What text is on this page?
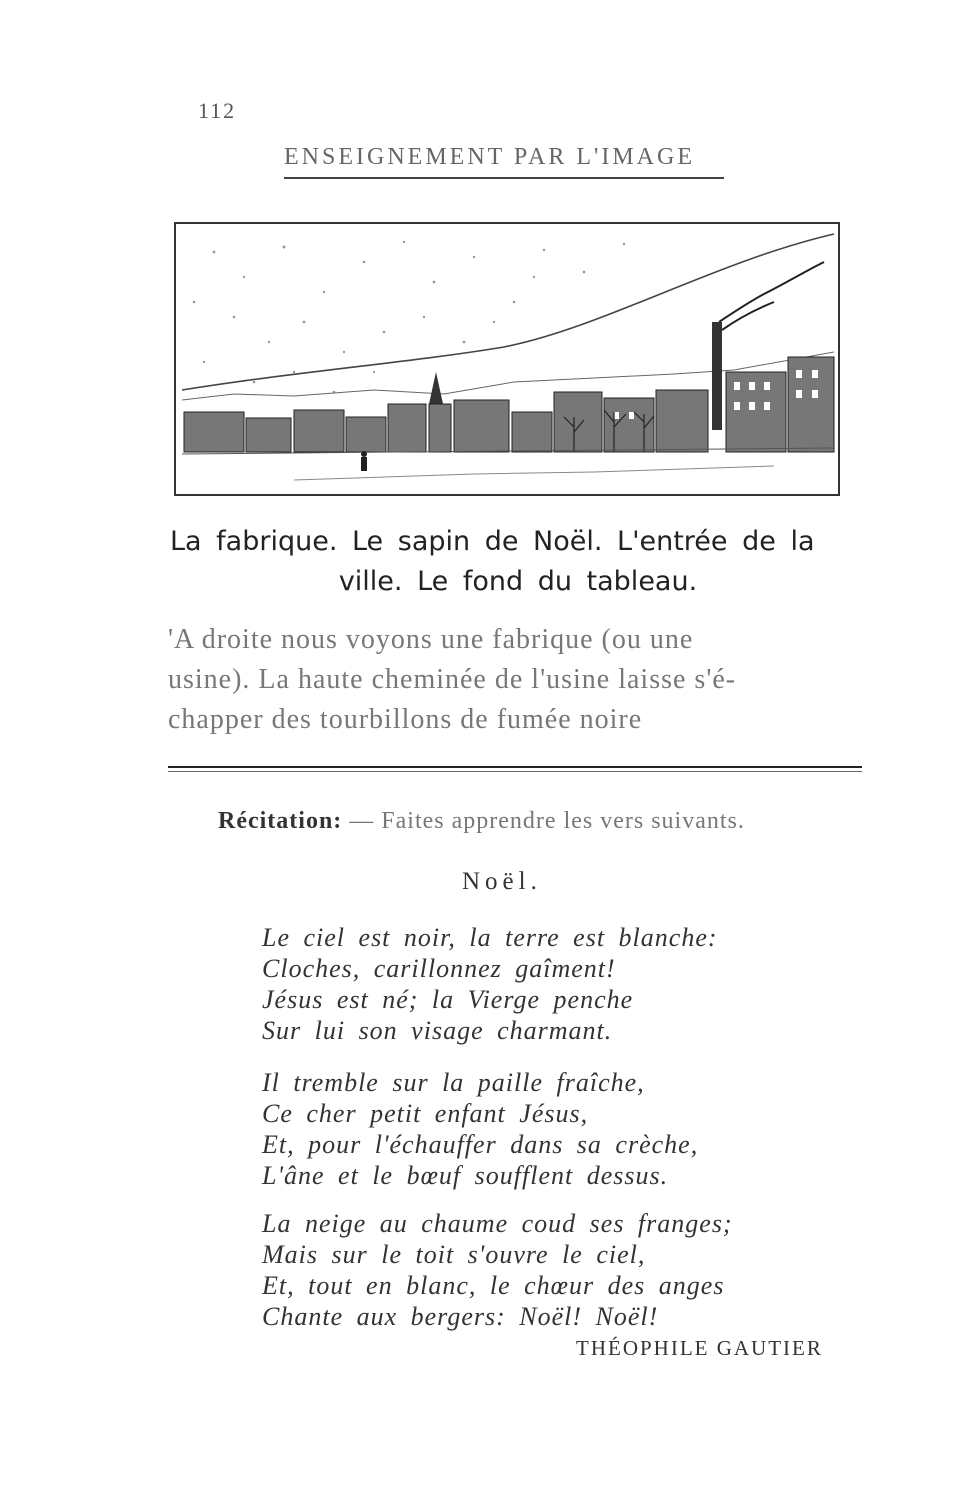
112
ENSEIGNEMENT PAR L'IMAGE
La fabrique. Le sapin de Noël. L'entrée de la
ville. Le fond du tableau.
'A droite nous voyons une fabrique (ou une
usine). La haute cheminée de l'usine laisse s'é-
chapper des tourbillons de fumée noire
Récitation: — Faites apprendre les vers suivants.
Noël.
Le ciel est noir, la terre est blanche:
Cloches, carillonnez gaîment!
Jésus est né; la Vierge penche
Sur lui son visage charmant.
Il tremble sur la paille fraîche,
Ce cher petit enfant Jésus,
Et, pour l'échauffer dans sa crèche,
L'âne et le bœuf soufflent dessus.
La neige au chaume coud ses franges;
Mais sur le toit s'ouvre le ciel,
Et, tout en blanc, le chœur des anges
Chante aux bergers: Noël! Noël!
THÉOPHILE GAUTIER
